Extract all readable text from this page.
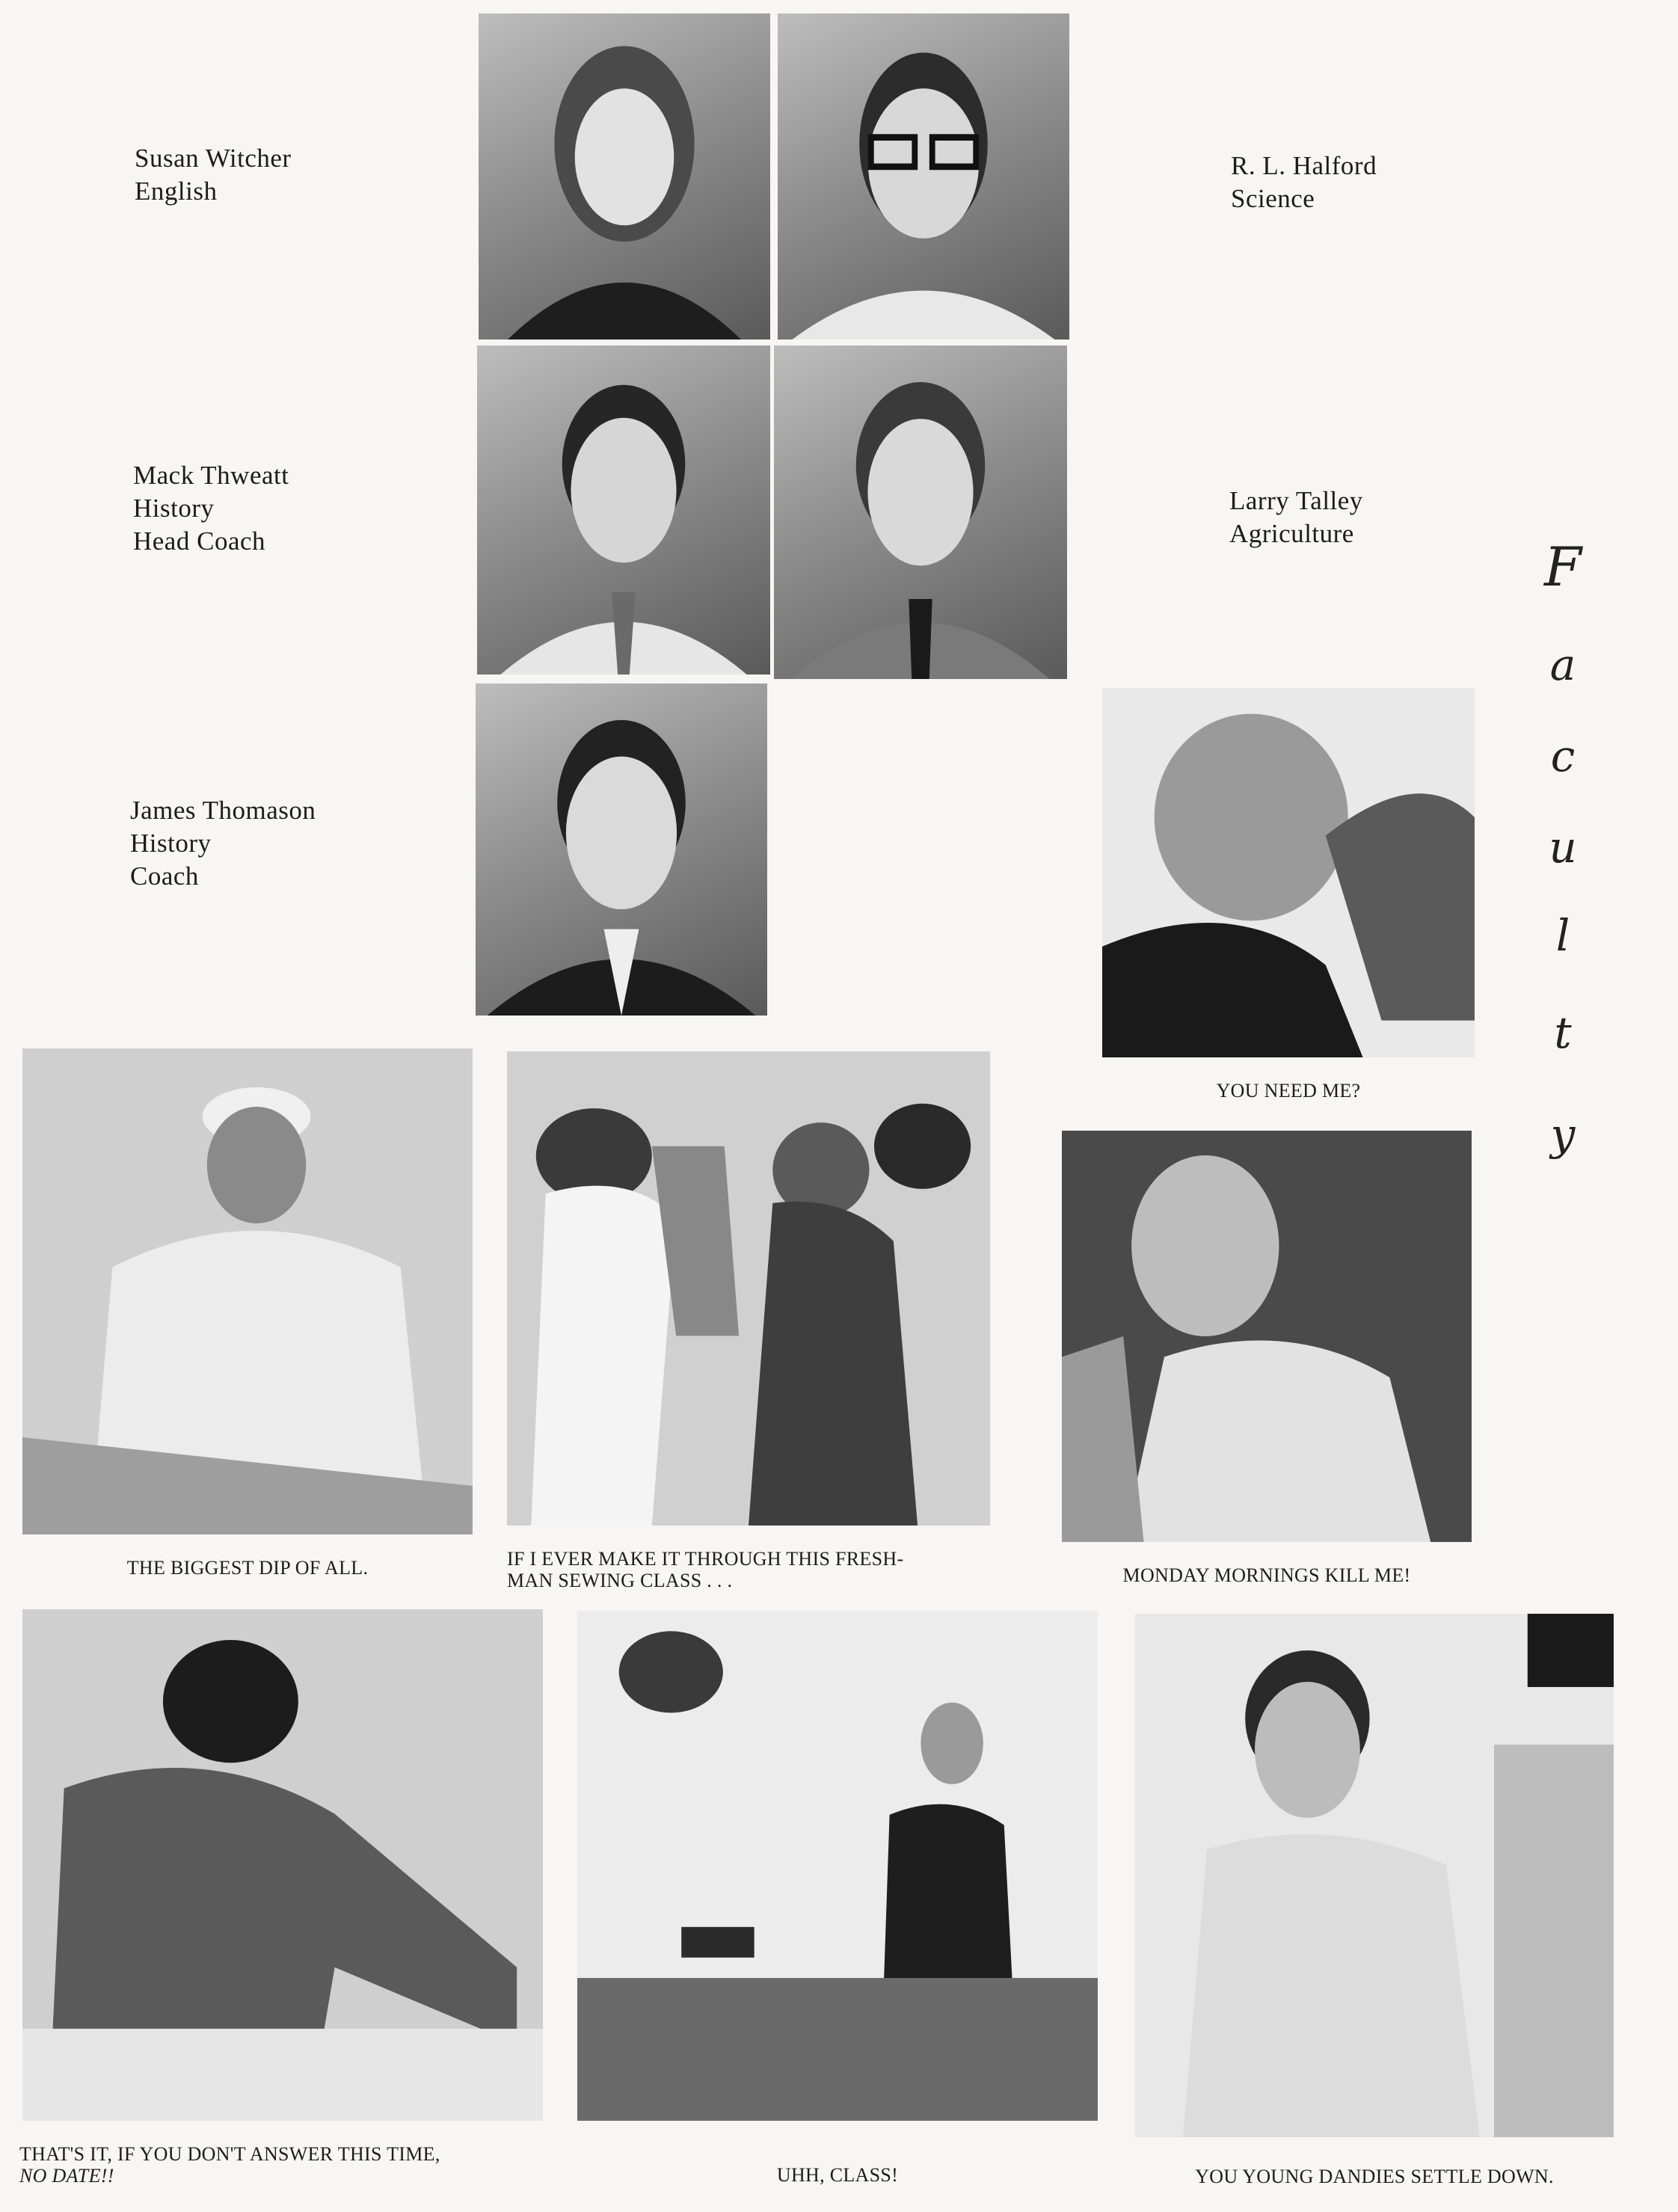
Susan Witcher
English
R. L. Halford
Science
Mack Thweatt
History
Head Coach
Larry Talley
Agriculture
James Thomason
History
Coach
F
a
c
u
l
t
y
YOU NEED ME?
THE BIGGEST DIP OF ALL.	IF I EVER MAKE IT THROUGH THIS FRESH-
MAN SEWING CLASS . . .	MONDAY MORNINGS KILL ME!
THAT'S IT, IF YOU DON'T ANSWER THIS TIME,
NO DATE!!	UHH, CLASS!	YOU YOUNG DANDIES SETTLE DOWN.
